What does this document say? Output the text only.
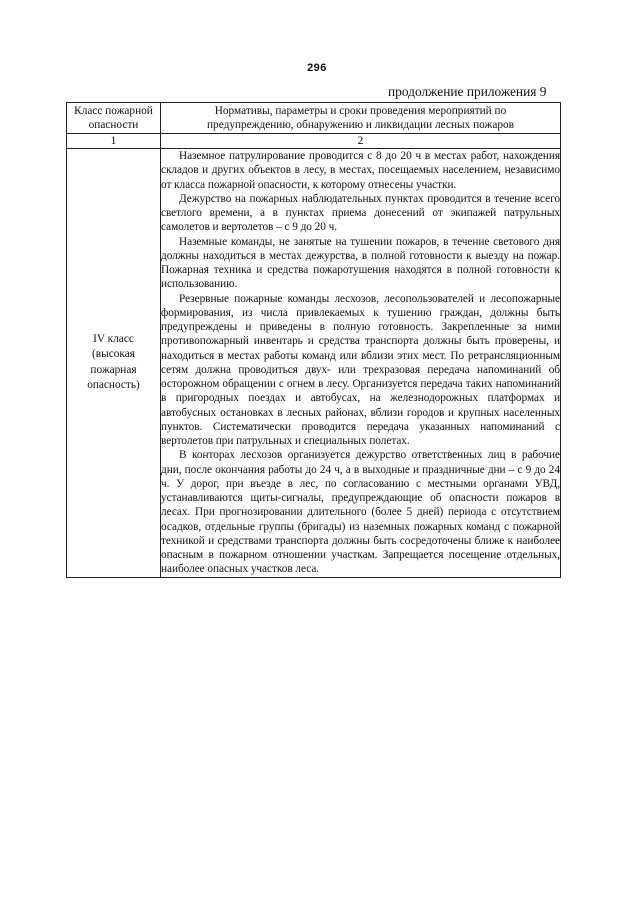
296
продолжение приложения 9
Класс пожарной опасности	Нормативы, параметры и сроки проведения мероприятий по предупреждению, обнаружению и ликвидации лесных пожаров
1	2

IV класс (высокая пожарная опасность)	Наземное патрулирование проводится с 8 до 20 ч в местах работ, нахождения складов и других объектов в лесу, в местах, посещаемых населением, независимо от класса пожарной опасности, к которому отнесены участки.

Дежурство на пожарных наблюдательных пунктах проводится в течение всего светлого времени, а в пунктах приема донесений от экипажей патрульных самолетов и вертолетов – с 9 до 20 ч.

Наземные команды, не занятые на тушении пожаров, в течение светового дня должны находиться в местах дежурства, в полной готовности к выезду на пожар. Пожарная техника и средства пожаротушения находятся в полной готовности к использованию.

Резервные пожарные команды лесхозов, лесопользователей и лесопожарные формирования, из числа привлекаемых к тушению граждан, должны быть предупреждены и приведены в полную готовность. Закрепленные за ними противопожарный инвентарь и средства транспорта должны быть проверены, и находиться в местах работы команд или вблизи этих мест. По ретрансляционным сетям должна проводиться двух- или трехразовая передача напоминаний об осторожном обращении с огнем в лесу. Организуется передача таких напоминаний в пригородных поездах и автобусах, на железнодорожных платформах и автобусных остановках в лесных районах, вблизи городов и крупных населенных пунктов. Систематически проводится передача указанных напоминаний с вертолетов при патрульных и специальных полетах.

В конторах лесхозов организуется дежурство ответственных лиц в рабочие дни, после окончания работы до 24 ч, а в выходные и праздничные дни – с 9 до 24 ч. У дорог, при въезде в лес, по согласованию с местными органами УВД, устанавливаются щиты-сигналы, предупреждающие об опасности пожаров в лесах. При прогнозировании длительного (более 5 дней) периода с отсутствием осадков, отдельные группы (бригады) из наземных пожарных команд с пожарной техникой и средствами транспорта должны быть сосредоточены ближе к наиболее опасным в пожарном отношении участкам. Запрещается посещение отдельных, наиболее опасных участков леса.
